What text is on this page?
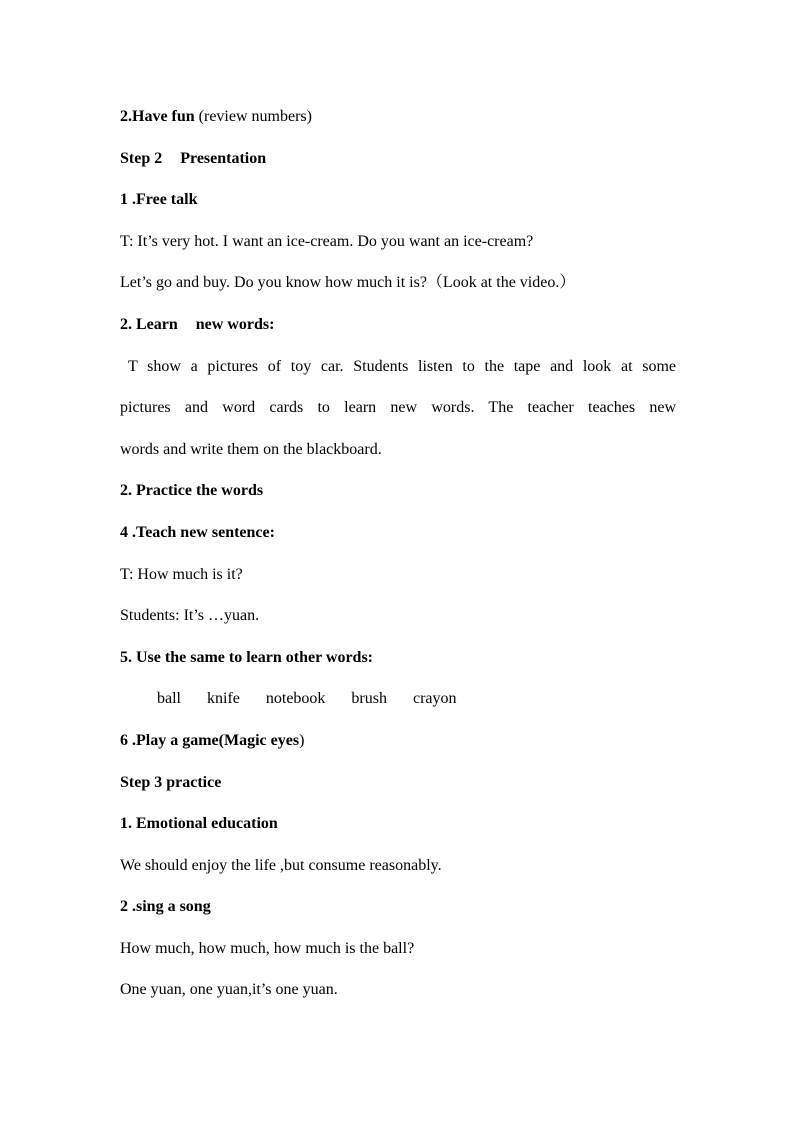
2.Have fun (review numbers)
Step 2 Presentation
1 .Free talk
T: It’s very hot. I want an ice-cream. Do you want an ice-cream?
Let’s go and buy. Do you know how much it is?（Look at the video.）
2. Learn new words:
T show a pictures of toy car. Students listen to the tape and look at some
pictures and word cards to learn new words. The teacher teaches new
words and write them on the blackboard.
2. Practice the words
4 .Teach new sentence:
T: How much is it?
Students: It’s …yuan.
5. Use the same to learn other words:
ball knife notebook brush crayon
6 .Play a game(Magic eyes)
Step 3 practice
1. Emotional education
We should enjoy the life ,but consume reasonably.
2 .sing a song
How much, how much, how much is the ball?
One yuan, one yuan,it’s one yuan.
